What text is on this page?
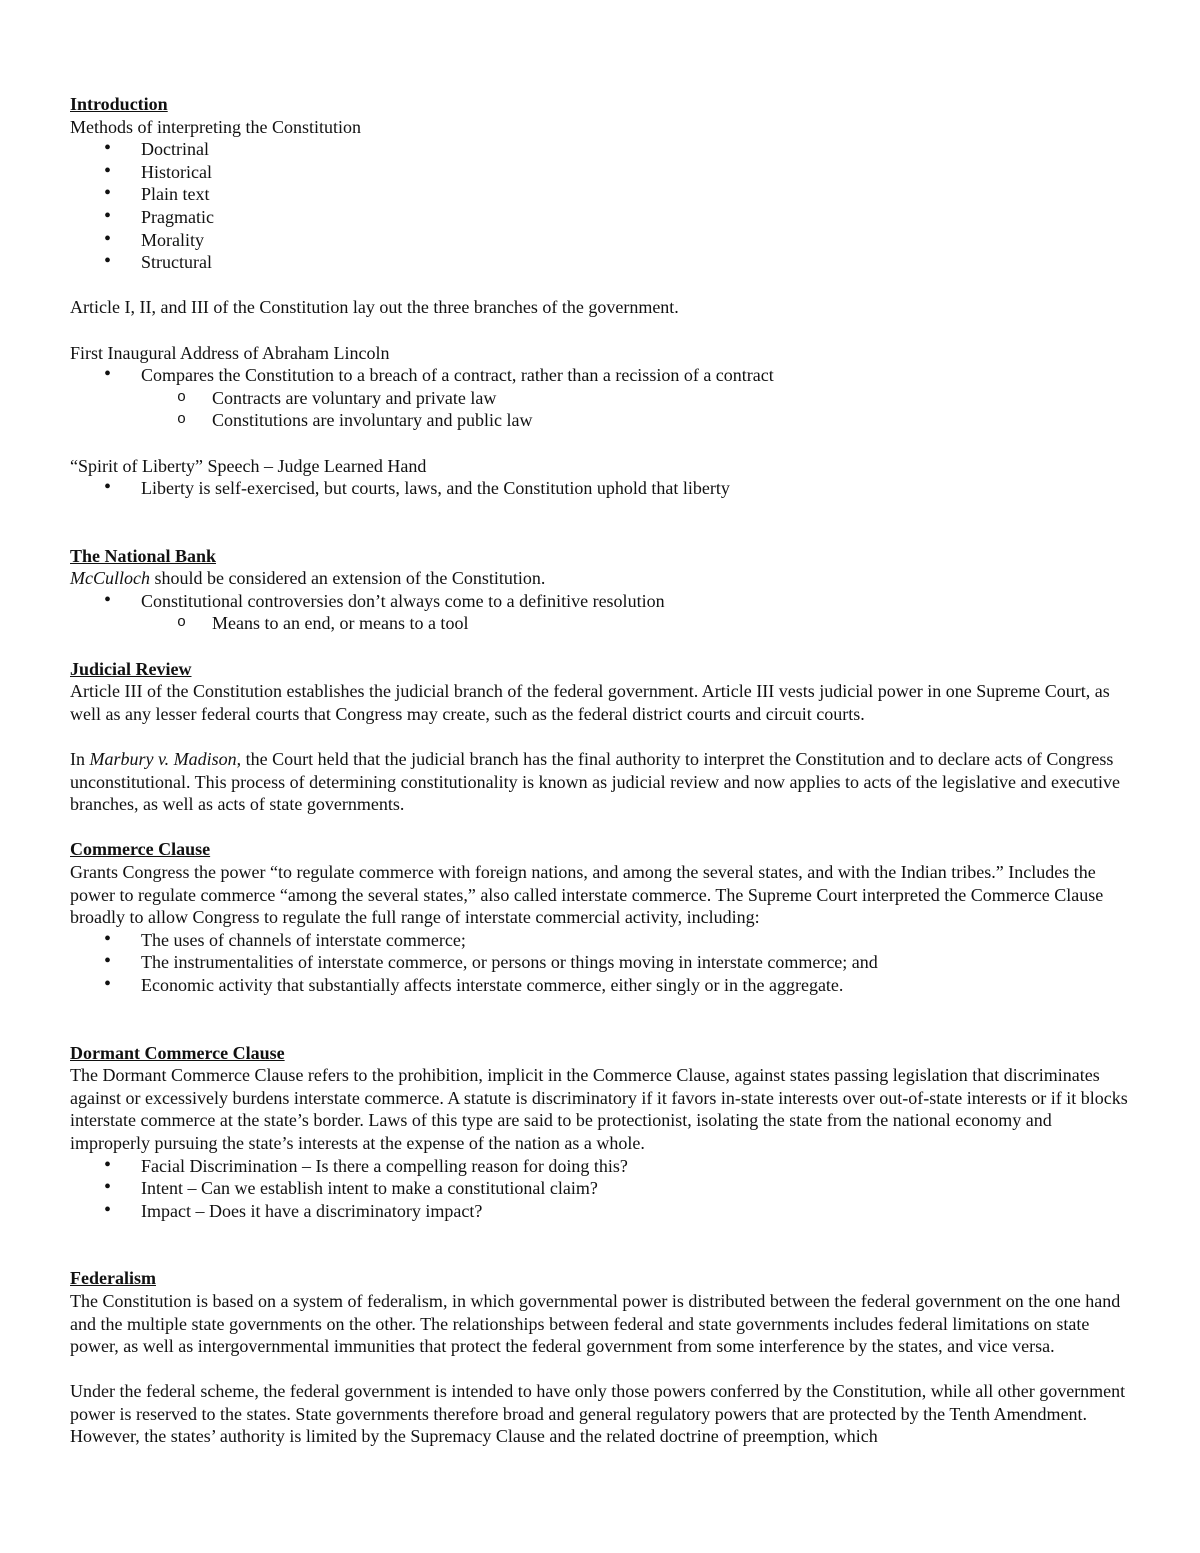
Introduction

Methods of interpreting the Constitution

• Doctrinal
• Historical
• Plain text
• Pragmatic
• Morality
• Structural

Article I, II, and III of the Constitution lay out the three branches of the government.

First Inaugural Address of Abraham Lincoln

• Compares the Constitution to a breach of a contract, rather than a recission of a contract
o Contracts are voluntary and private law
o Constitutions are involuntary and public law

“Spirit of Liberty” Speech – Judge Learned Hand

• Liberty is self-exercised, but courts, laws, and the Constitution uphold that liberty
The National Bank

McCulloch should be considered an extension of the Constitution.

• Constitutional controversies don’t always come to a definitive resolution
o Means to an end, or means to a tool
Judicial Review

Article III of the Constitution establishes the judicial branch of the federal government. Article III vests judicial power in one Supreme Court, as well as any lesser federal courts that Congress may create, such as the federal district courts and circuit courts.

In Marbury v. Madison, the Court held that the judicial branch has the final authority to interpret the Constitution and to declare acts of Congress unconstitutional. This process of determining constitutionality is known as judicial review and now applies to acts of the legislative and executive branches, as well as acts of state governments.

Commerce Clause

Grants Congress the power “to regulate commerce with foreign nations, and among the several states, and with the Indian tribes.” Includes the power to regulate commerce “among the several states,” also called interstate commerce. The Supreme Court interpreted the Commerce Clause broadly to allow Congress to regulate the full range of interstate commercial activity, including:

• The uses of channels of interstate commerce;
• The instrumentalities of interstate commerce, or persons or things moving in interstate commerce; and
• Economic activity that substantially affects interstate commerce, either singly or in the aggregate.
Dormant Commerce Clause

The Dormant Commerce Clause refers to the prohibition, implicit in the Commerce Clause, against states passing legislation that discriminates against or excessively burdens interstate commerce. A statute is discriminatory if it favors in-state interests over out-of-state interests or if it blocks interstate commerce at the state’s border. Laws of this type are said to be protectionist, isolating the state from the national economy and improperly pursuing the state’s interests at the expense of the nation as a whole.

• Facial Discrimination – Is there a compelling reason for doing this?
• Intent – Can we establish intent to make a constitutional claim?
• Impact – Does it have a discriminatory impact?
Federalism

The Constitution is based on a system of federalism, in which governmental power is distributed between the federal government on the one hand and the multiple state governments on the other. The relationships between federal and state governments includes federal limitations on state power, as well as intergovernmental immunities that protect the federal government from some interference by the states, and vice versa.

Under the federal scheme, the federal government is intended to have only those powers conferred by the Constitution, while all other government power is reserved to the states. State governments therefore broad and general regulatory powers that are protected by the Tenth Amendment. However, the states’ authority is limited by the Supremacy Clause and the related doctrine of preemption, which
